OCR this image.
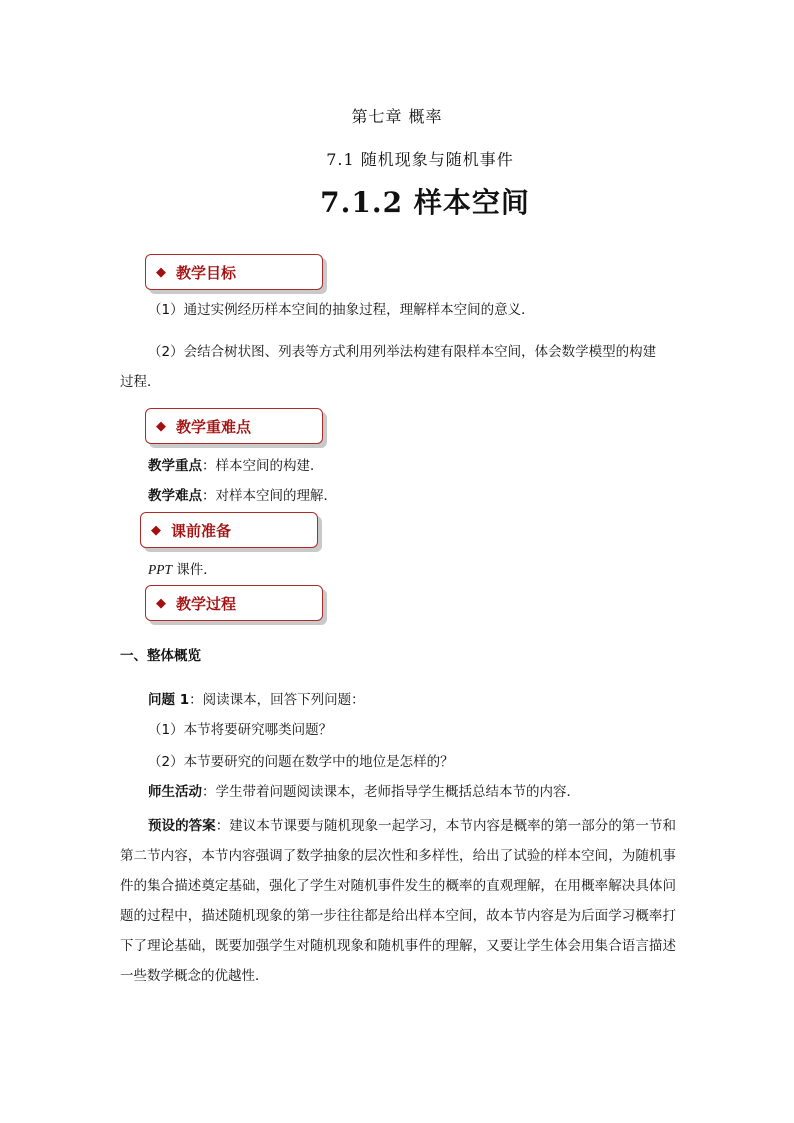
第七章 概率
7.1 随机现象与随机事件
7.1.2 样本空间
◆ 教学目标
（1）通过实例经历样本空间的抽象过程，理解样本空间的意义．
（2）会结合树状图、列表等方式利用列举法构建有限样本空间，体会数学模型的构建
过程．
◆ 教学重难点
教学重点：样本空间的构建．
教学难点：对样本空间的理解．
◆ 课前准备
PPT 课件．
◆ 教学过程
一、整体概览
问题 1：阅读课本，回答下列问题：
（1）本节将要研究哪类问题？
（2）本节要研究的问题在数学中的地位是怎样的？
师生活动：学生带着问题阅读课本，老师指导学生概括总结本节的内容．
预设的答案：建议本节课要与随机现象一起学习，本节内容是概率的第一部分的第一节和第二节内容，本节内容强调了数学抽象的层次性和多样性，给出了试验的样本空间，为随机事件的集合描述奠定基础，强化了学生对随机事件发生的概率的直观理解，在用概率解决具体问题的过程中，描述随机现象的第一步往往都是给出样本空间，故本节内容是为后面学习概率打下了理论基础，既要加强学生对随机现象和随机事件的理解，又要让学生体会用集合语言描述一些数学概念的优越性．
